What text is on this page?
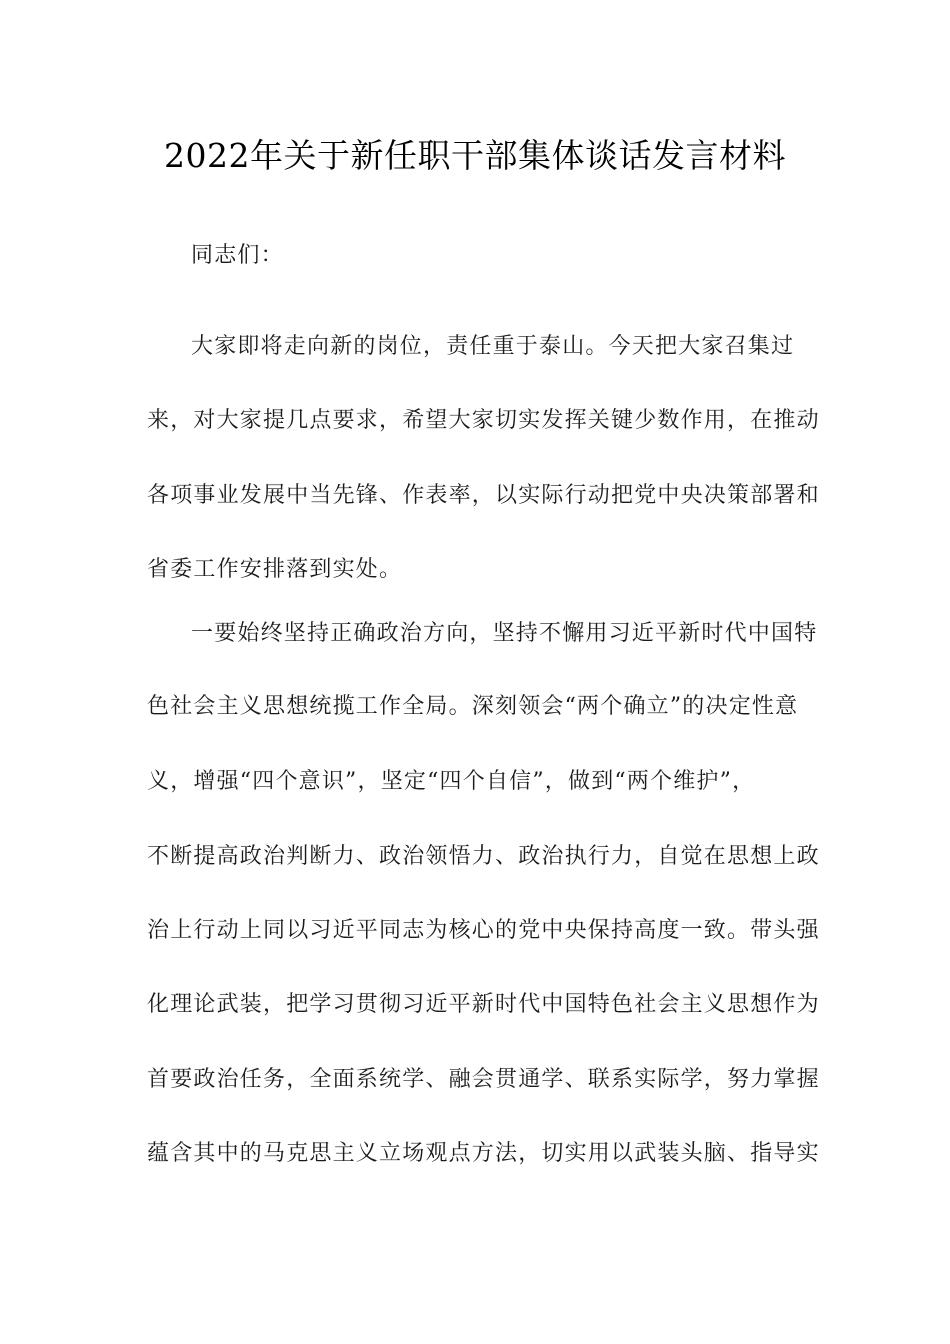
2022年关于新任职干部集体谈话发言材料
同志们：
大家即将走向新的岗位，责任重于泰山。今天把大家召集过
来，对大家提几点要求，希望大家切实发挥关键少数作用，在推动
各项事业发展中当先锋、作表率，以实际行动把党中央决策部署和
省委工作安排落到实处。
一要始终坚持正确政治方向，坚持不懈用习近平新时代中国特
色社会主义思想统揽工作全局。深刻领会“两个确立”的决定性意
义，增强“四个意识”，坚定“四个自信”，做到“两个维护”，
不断提高政治判断力、政治领悟力、政治执行力，自觉在思想上政
治上行动上同以习近平同志为核心的党中央保持高度一致。带头强
化理论武装，把学习贯彻习近平新时代中国特色社会主义思想作为
首要政治任务，全面系统学、融会贯通学、联系实际学，努力掌握
蕴含其中的马克思主义立场观点方法，切实用以武装头脑、指导实
